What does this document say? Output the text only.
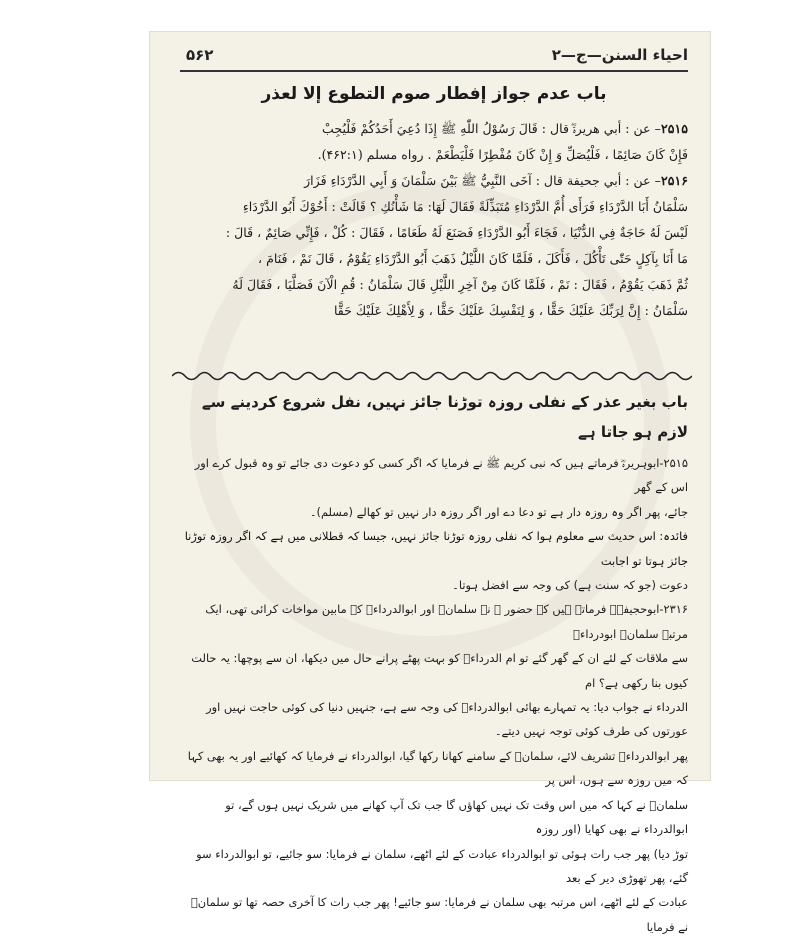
احیاء السنن—ج—۲
۵۶۲
باب عدم جواز إفطار صوم التطوع إلا لعذر

۲۵۱۵– عن : أبي هريرةؓ قال : قَالَ رَسُوْلُ اللّٰهِ ﷺ إِذَا دُعِيَ أَحَدُكُمْ فَلْيُجِبْ

فَإِنْ كَانَ صَائِمًا ، فَلْيُصَلِّ وَ إِنْ كَانَ مُفْطِرًا فَلْيَطْعَمْ . رواه مسلم (۴۶۲:۱).

۲۵۱۶– عن : أبي جحيفة قال : آخَى النَّبِيُّ ﷺ بَيْنَ سَلْمَانَ وَ أَبِي الدَّرْدَاءِ فَزَارَ

سَلْمَانُ أَبَا الدَّرْدَاءِ فَرَأَى أُمَّ الدَّرْدَاءِ مُتَبَذِّلَةً فَقَالَ لَهَا: مَا شَأْنُكِ ؟ قَالَتْ : أَخُوْكَ أَبُو الدَّرْدَاءِ

لَيْسَ لَهُ حَاجَةٌ فِي الدُّنْيَا ، فَجَاءَ أَبُو الدَّرْدَاءِ فَصَنَعَ لَهُ طَعَامًا ، فَقَالَ : كُلْ ، فَإِنِّي صَائِمٌ ، قَالَ :

مَا أَنَا بِآكِلٍ حَتّٰى تَأْكُلَ ، فَأَكَلَ ، فَلَمَّا كَانَ اللَّيْلُ ذَهَبَ أَبُو الدَّرْدَاءِ يَقُوْمُ ، قَالَ نَمْ ، فَنَامَ ،

ثُمَّ ذَهَبَ يَقُوْمُ ، فَقَالَ : نَمْ ، فَلَمَّا كَانَ مِنْ آخِرِ اللَّيْلِ قَالَ سَلْمَانُ : قُمِ الْآنَ فَصَلَّيَا ، فَقَالَ لَهُ

سَلْمَانُ : إِنَّ لِرَبِّكَ عَلَيْكَ حَقًّا ، وَ لِنَفْسِكَ عَلَيْكَ حَقًّا ، وَ لِأَهْلِكَ عَلَيْكَ حَقًّا

باب بغیر عذر کے نفلی روزہ توڑنا جائز نہیں، نفل شروع کردینے سے لازم ہو جاتا ہے

۲۵۱۵-ابوہریرہؓ فرماتے ہیں کہ نبی کریم ﷺ نے فرمایا کہ اگر کسی کو دعوت دی جائے تو وہ قبول کرے اور اس کے گھر

جائے، پھر اگر وہ روزہ دار ہے تو دعا دے اور اگر روزہ دار نہیں تو کھالے (مسلم)۔

فائدہ: اس حدیث سے معلوم ہوا کہ نفلی روزہ توڑنا جائز نہیں، جیسا کہ قطلانی میں ہے کہ اگر روزہ توڑنا جائز ہوتا تو اجابت

دعوت (جو کہ سنت ہے) کی وجہ سے افضل ہوتا۔

۲۳۱۶-ابوحجیفہؓ فرماتے ہیں کہ حضور ﷺ نے سلمانؓ اور ابوالدرداءؓ کے مابین مواخات کرائی تھی، ایک مرتبہ سلمانؓ ابودرداءؓ

سے ملاقات کے لئے ان کے گھر گئے تو ام الدرداءؓ کو بہت پھٹے پرانے حال میں دیکھا، ان سے پوچھا: یہ حالت کیوں بنا رکھی ہے؟ ام

الدرداء نے جواب دیا: یہ تمہارے بھائی ابوالدرداءؓ کی وجہ سے ہے، جنہیں دنیا کی کوئی حاجت نہیں اور عورتوں کی طرف کوئی توجہ نہیں دیتے۔

پھر ابوالدرداءؓ تشریف لائے، سلمانؓ کے سامنے کھانا رکھا گیا، ابوالدرداء نے فرمایا کہ کھائیے اور یہ بھی کہا کہ میں روزہ سے ہوں، اس پر

سلمانؓ نے کہا کہ میں اس وقت تک نہیں کھاؤں گا جب تک آپ کھانے میں شریک نہیں ہوں گے، تو ابوالدرداء نے بھی کھایا (اور روزہ

توڑ دیا) پھر جب رات ہوئی تو ابوالدرداء عبادت کے لئے اٹھے، سلمان نے فرمایا: سو جائیے، تو ابوالدرداء سو گئے، پھر تھوڑی دیر کے بعد

عبادت کے لئے اٹھے، اس مرتبہ بھی سلمان نے فرمایا: سو جائیے! پھر جب رات کا آخری حصہ تھا تو سلمانؓ نے فرمایا
